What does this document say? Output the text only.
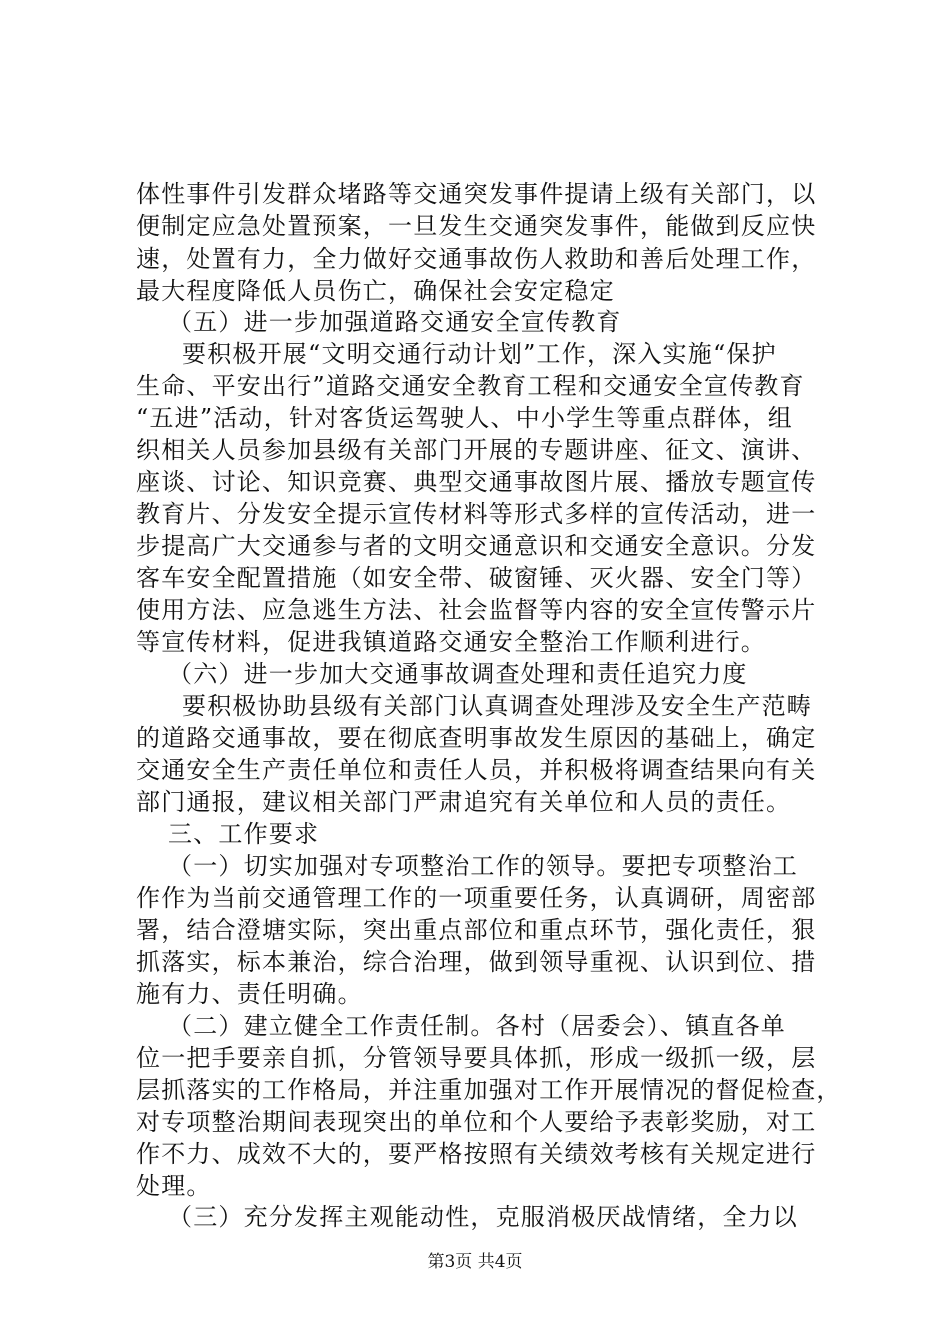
体性事件引发群众堵路等交通突发事件提请上级有关部门，以
便制定应急处置预案，一旦发生交通突发事件，能做到反应快
速，处置有力，全力做好交通事故伤人救助和善后处理工作，
最大程度降低人员伤亡，确保社会安定稳定
（五）进一步加强道路交通安全宣传教育
要积极开展“文明交通行动计划”工作，深入实施“保护
生命、平安出行”道路交通安全教育工程和交通安全宣传教育
“五进”活动，针对客货运驾驶人、中小学生等重点群体，组
织相关人员参加县级有关部门开展的专题讲座、征文、演讲、
座谈、讨论、知识竞赛、典型交通事故图片展、播放专题宣传
教育片、分发安全提示宣传材料等形式多样的宣传活动，进一
步提高广大交通参与者的文明交通意识和交通安全意识。分发
客车安全配置措施（如安全带、破窗锤、灭火器、安全门等）
使用方法、应急逃生方法、社会监督等内容的安全宣传警示片
等宣传材料，促进我镇道路交通安全整治工作顺利进行。
（六）进一步加大交通事故调查处理和责任追究力度
要积极协助县级有关部门认真调查处理涉及安全生产范畴
的道路交通事故，要在彻底查明事故发生原因的基础上，确定
交通安全生产责任单位和责任人员，并积极将调查结果向有关
部门通报，建议相关部门严肃追究有关单位和人员的责任。
三、工作要求
（一）切实加强对专项整治工作的领导。要把专项整治工
作作为当前交通管理工作的一项重要任务，认真调研，周密部
署，结合澄塘实际，突出重点部位和重点环节，强化责任，狠
抓落实，标本兼治，综合治理，做到领导重视、认识到位、措
施有力、责任明确。
（二）建立健全工作责任制。各村（居委会）、镇直各单
位一把手要亲自抓，分管领导要具体抓，形成一级抓一级，层
层抓落实的工作格局，并注重加强对工作开展情况的督促检查，
对专项整治期间表现突出的单位和个人要给予表彰奖励，对工
作不力、成效不大的，要严格按照有关绩效考核有关规定进行
处理。
（三）充分发挥主观能动性，克服消极厌战情绪，全力以
第3页 共4页
